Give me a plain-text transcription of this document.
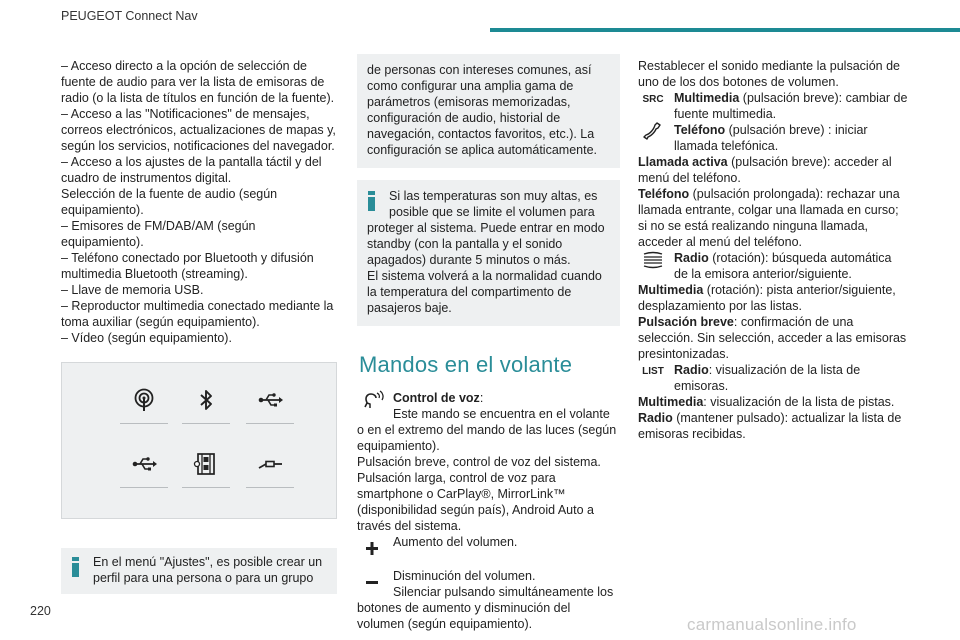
PEUGEOT Connect Nav
– Acceso directo a la opción de selección de fuente de audio para ver la lista de emisoras de radio (o la lista de títulos en función de la fuente).
– Acceso a las "Notificaciones" de mensajes, correos electrónicos, actualizaciones de mapas y, según los servicios, notificaciones del navegador.
– Acceso a los ajustes de la pantalla táctil y del cuadro de instrumentos digital.
Selección de la fuente de audio (según equipamiento).
– Emisores de FM/DAB/AM (según equipamiento).
– Teléfono conectado por Bluetooth y difusión multimedia Bluetooth (streaming).
– Llave de memoria USB.
– Reproductor multimedia conectado mediante la toma auxiliar (según equipamiento).
– Vídeo (según equipamiento).
En el menú "Ajustes", es posible crear un perfil para una persona o para un grupo
de personas con intereses comunes, así como configurar una amplia gama de parámetros (emisoras memorizadas, configuración de audio, historial de navegación, contactos favoritos, etc.). La configuración se aplica automáticamente.
Si las temperaturas son muy altas, es posible que se limite el volumen para
proteger al sistema. Puede entrar en modo standby (con la pantalla y el sonido apagados) durante 5 minutos o más.
El sistema volverá a la normalidad cuando la temperatura del compartimento de pasajeros baje.
Mandos en el volante
Control de voz:
Este mando se encuentra en el volante
o en el extremo del mando de las luces (según equipamiento).
Pulsación breve, control de voz del sistema.
Pulsación larga, control de voz para smartphone o CarPlay®, MirrorLink™ (disponibilidad según país), Android Auto a través del sistema.
Aumento del volumen.
Disminución del volumen.
Silenciar pulsando simultáneamente los
botones de aumento y disminución del volumen (según equipamiento).
Restablecer el sonido mediante la pulsación de uno de los dos botones de volumen.
SRC Multimedia (pulsación breve): cambiar de fuente multimedia.
Teléfono (pulsación breve) : iniciar llamada telefónica.
Llamada activa (pulsación breve): acceder al menú del teléfono.
Teléfono (pulsación prolongada): rechazar una llamada entrante, colgar una llamada en curso; si no se está realizando ninguna llamada, acceder al menú del teléfono.
Radio (rotación): búsqueda automática de la emisora anterior/siguiente.
Multimedia (rotación): pista anterior/siguiente, desplazamiento por las listas.
Pulsación breve: confirmación de una selección. Sin selección, acceder a las emisoras presintonizadas.
LIST Radio: visualización de la lista de emisoras.
Multimedia: visualización de la lista de pistas.
Radio (mantener pulsado): actualizar la lista de emisoras recibidas.
220
carmanualsonline.info
